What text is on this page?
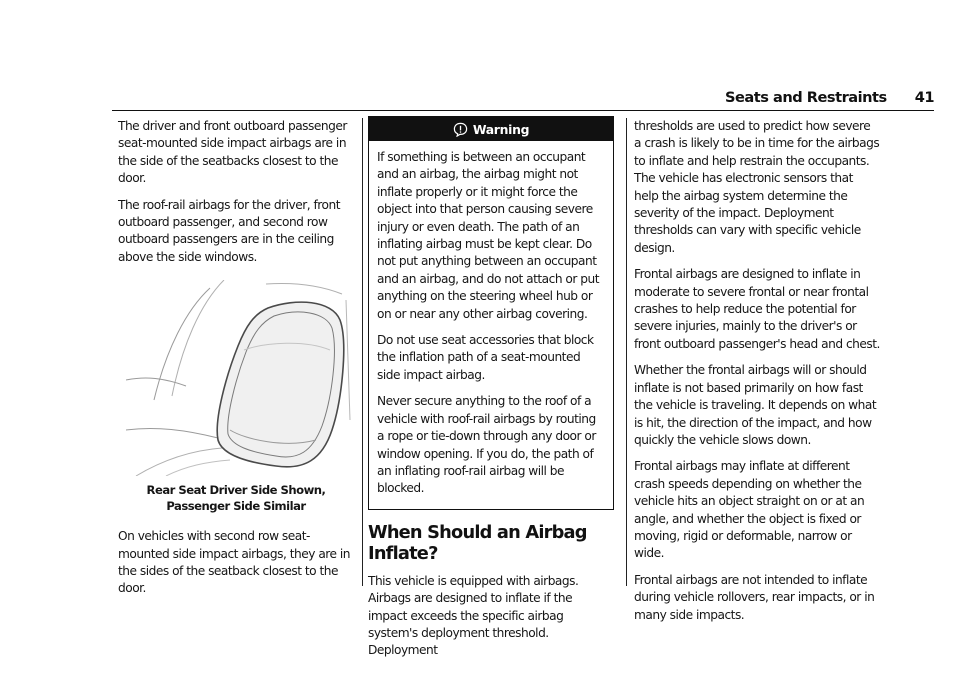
Seats and Restraints 41

The driver and front outboard passenger seat-mounted side impact airbags are in the side of the seatbacks closest to the door.

The roof-rail airbags for the driver, front outboard passenger, and second row outboard passengers are in the ceiling above the side windows.

Rear Seat Driver Side Shown, Passenger Side Similar

On vehicles with second row seat-mounted side impact airbags, they are in the sides of the seatback closest to the door.

Warning

If something is between an occupant and an airbag, the airbag might not inflate properly or it might force the object into that person causing severe injury or even death. The path of an inflating airbag must be kept clear. Do not put anything between an occupant and an airbag, and do not attach or put anything on the steering wheel hub or on or near any other airbag covering.

Do not use seat accessories that block the inflation path of a seat-mounted side impact airbag.

Never secure anything to the roof of a vehicle with roof-rail airbags by routing a rope or tie-down through any door or window opening. If you do, the path of an inflating roof-rail airbag will be blocked.

When Should an Airbag Inflate?

This vehicle is equipped with airbags. Airbags are designed to inflate if the impact exceeds the specific airbag system's deployment threshold. Deployment

thresholds are used to predict how severe a crash is likely to be in time for the airbags to inflate and help restrain the occupants. The vehicle has electronic sensors that help the airbag system determine the severity of the impact. Deployment thresholds can vary with specific vehicle design.

Frontal airbags are designed to inflate in moderate to severe frontal or near frontal crashes to help reduce the potential for severe injuries, mainly to the driver's or front outboard passenger's head and chest.

Whether the frontal airbags will or should inflate is not based primarily on how fast the vehicle is traveling. It depends on what is hit, the direction of the impact, and how quickly the vehicle slows down.

Frontal airbags may inflate at different crash speeds depending on whether the vehicle hits an object straight on or at an angle, and whether the object is fixed or moving, rigid or deformable, narrow or wide.

Frontal airbags are not intended to inflate during vehicle rollovers, rear impacts, or in many side impacts.
